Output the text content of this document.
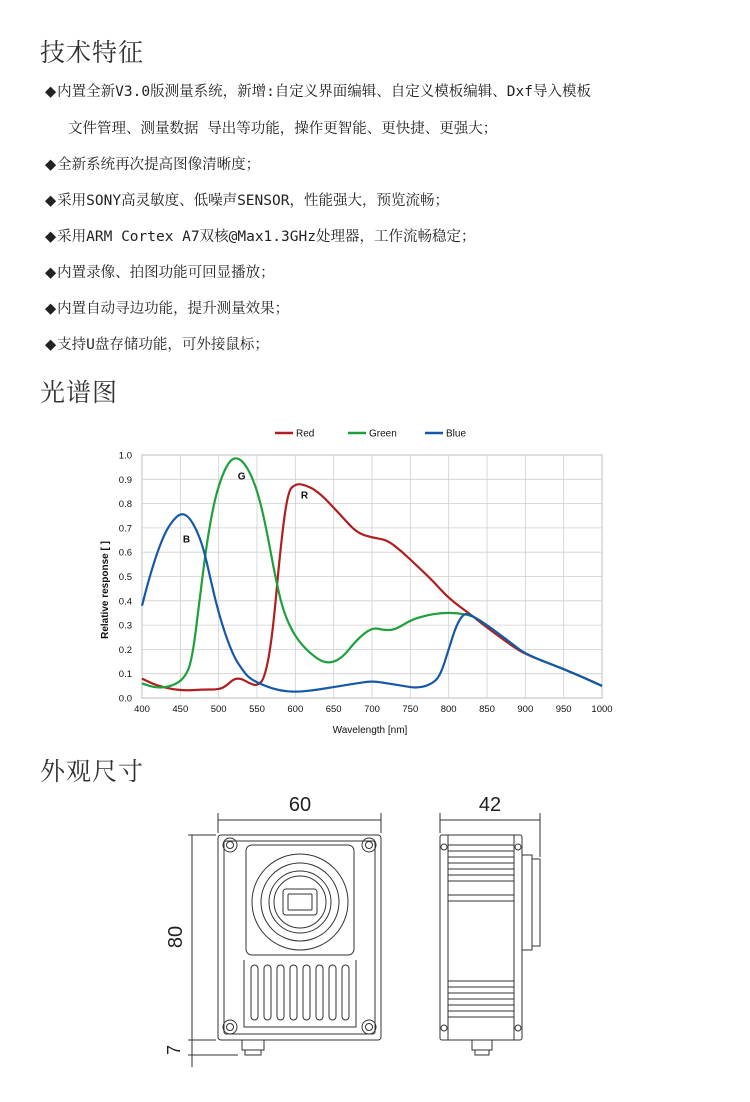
技术特征
◆内置全新V3.0版测量系统，新增:自定义界面编辑、自定义模板编辑、Dxf导入模板
文件管理、测量数据 导出等功能，操作更智能、更快捷、更强大；
◆全新系统再次提高图像清晰度；
◆采用SONY高灵敏度、低噪声SENSOR，性能强大，预览流畅；
◆采用ARM Cortex A7双核@Max1.3GHz处理器，工作流畅稳定；
◆内置录像、拍图功能可回显播放；
◆内置自动寻边功能，提升测量效果；
◆支持U盘存储功能，可外接鼠标；
光谱图
Red	Green	Blue
0.0
0.1
0.2
0.3
0.4
0.5
0.6
0.7
0.8
0.9
1.0
400 450 500 550 600 650 700 750 800 850 900 950 1000
R
G
B
Wavelength [nm]
Relative response [ ]
外观尺寸
60
80
7
42
